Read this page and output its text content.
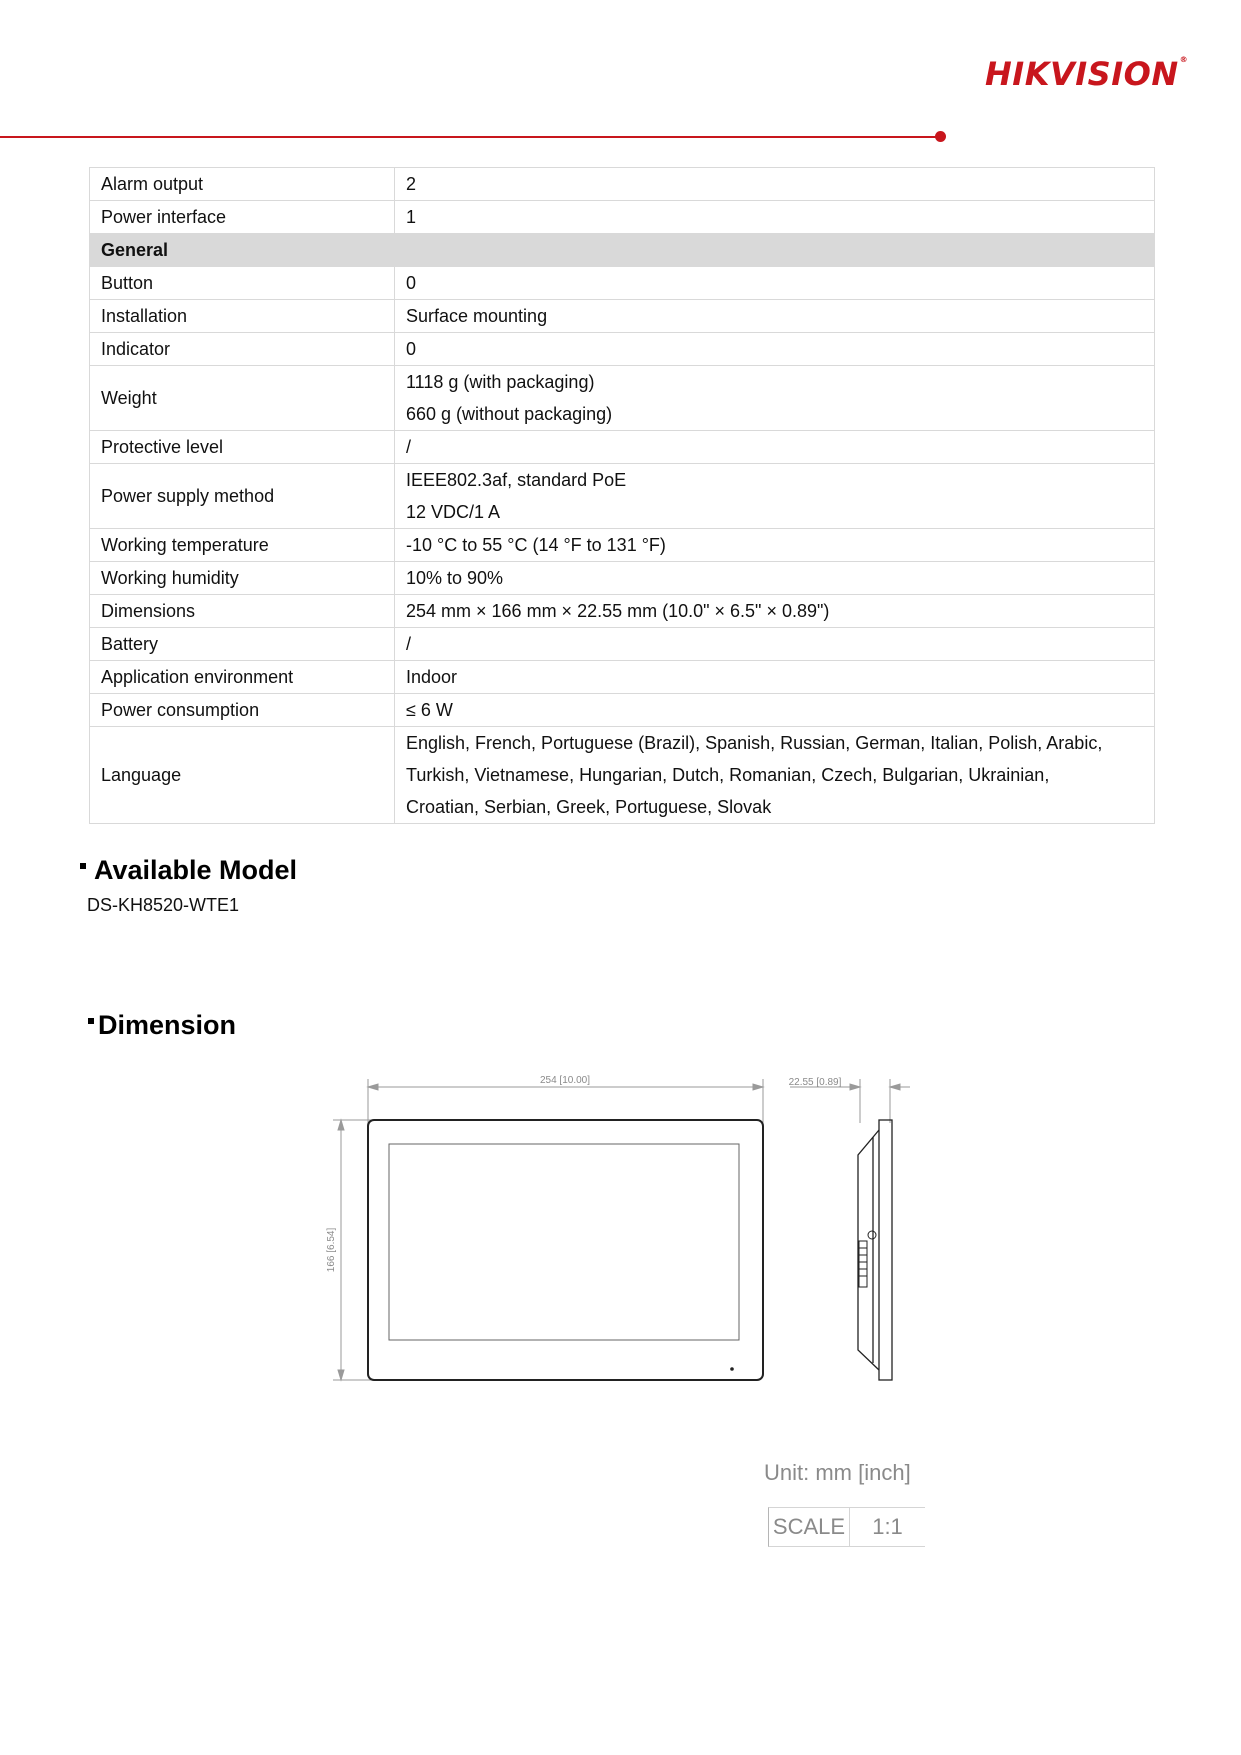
HIKVISION®
Alarm output	2

Power interface	1

General	
Button	0

Installation	Surface mounting

Indicator	0

Weight	1118 g (with packaging)
660 g (without packaging)

Protective level	/

Power supply method	IEEE802.3af, standard PoE
12 VDC/1 A

Working temperature	-10 °C to 55 °C (14 °F to 131 °F)

Working humidity	10% to 90%

Dimensions	254 mm × 166 mm × 22.55 mm (10.0" × 6.5" × 0.89")

Battery	/

Application environment	Indoor

Power consumption	≤ 6 W

Language	English, French, Portuguese (Brazil), Spanish, Russian, German, Italian, Polish, Arabic,
Turkish, Vietnamese, Hungarian, Dutch, Romanian, Czech, Bulgarian, Ukrainian,
Croatian, Serbian, Greek, Portuguese, Slovak
Available Model
DS-KH8520-WTE1
Dimension
254 [10.00]	22.55 [0.89]
166 [6.54]
Unit: mm [inch]
SCALE	1:1
